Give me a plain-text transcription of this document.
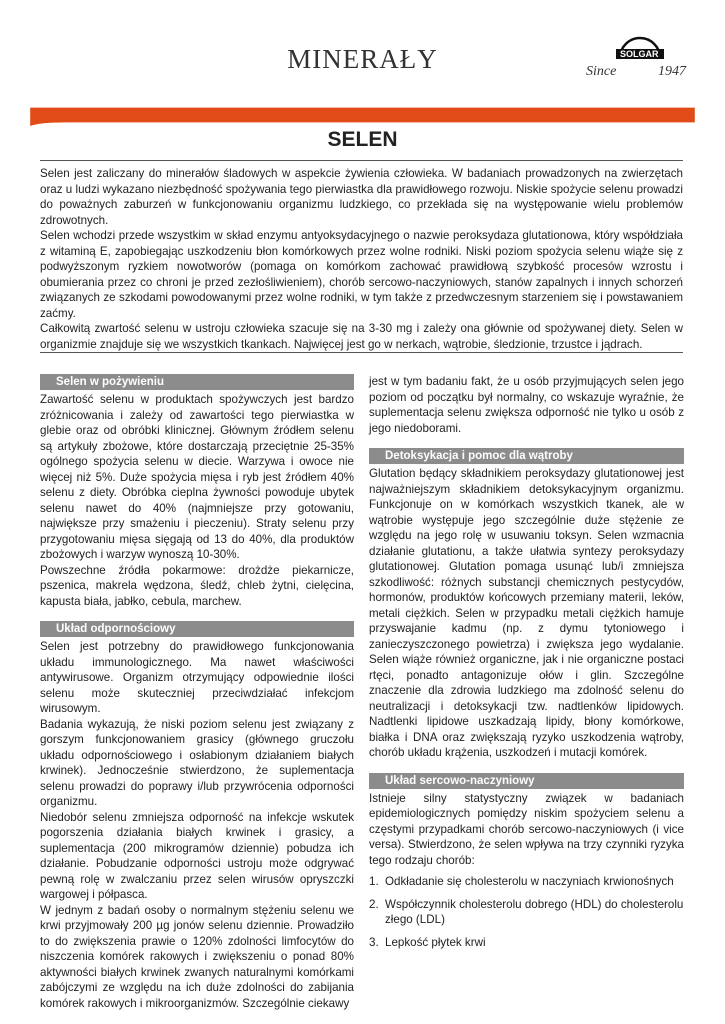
MINERAŁY	SOLGAR
Since	1947
SELEN

Selen jest zaliczany do minerałów śladowych w aspekcie żywienia człowieka. W badaniach prowadzonych na zwierzętach oraz u ludzi wykazano niezbędność spożywania tego pierwiastka dla prawidłowego rozwoju. Niskie spożycie selenu prowadzi do poważnych zaburzeń w funkcjonowaniu organizmu ludzkiego, co przekłada się na występowanie wielu problemów zdrowotnych.

Selen wchodzi przede wszystkim w skład enzymu antyoksydacyjnego o nazwie peroksydaza glutationowa, który współdziała z witaminą E, zapobiegając uszkodzeniu błon komórkowych przez wolne rodniki. Niski poziom spożycia selenu wiąże się z podwyższonym ryzkiem nowotworów (pomaga on komórkom zachować prawidłową szybkość procesów wzrostu i obumierania przez co chroni je przed zezłośliwieniem), chorób sercowo-naczyniowych, stanów zapalnych i innych schorzeń związanych ze szkodami powodowanymi przez wolne rodniki, w tym także z przedwczesnym starzeniem się i powstawaniem zaćmy.

Całkowitą zwartość selenu w ustroju człowieka szacuje się na 3-30 mg i zależy ona głównie od spożywanej diety. Selen w organizmie znajduje się we wszystkich tkankach. Najwięcej jest go w nerkach, wątrobie, śledzionie, trzustce i jądrach.

Selen w pożywieniu

Zawartość selenu w produktach spożywczych jest bardzo zróżnicowania i zależy od zawartości tego pierwiastka w glebie oraz od obróbki klinicznej. Głównym źródłem selenu są artykuły zbożowe, które dostarczają przeciętnie 25-35% ogólnego spożycia selenu w diecie. Warzywa i owoce nie więcej niż 5%. Duże spożycia mięsa i ryb jest źródłem 40% selenu z diety. Obróbka cieplna żywności powoduje ubytek selenu nawet do 40% (najmniejsze przy gotowaniu, największe przy smażeniu i pieczeniu). Straty selenu przy przygotowaniu mięsa sięgają od 13 do 40%, dla produktów zbożowych i warzyw wynoszą 10-30%.

Powszechne źródła pokarmowe: drożdże piekarnicze, pszenica, makrela wędzona, śledź, chleb żytni, cielęcina, kapusta biała, jabłko, cebula, marchew.

Układ odpornościowy

Selen jest potrzebny do prawidłowego funkcjonowania układu immunologicznego. Ma nawet właściwości antywirusowe. Organizm otrzymujący odpowiednie ilości selenu może skuteczniej przeciwdziałać infekcjom wirusowym.

Badania wykazują, że niski poziom selenu jest związany z gorszym funkcjonowaniem grasicy (głównego gruczołu układu odpornościowego i osłabionym działaniem białych krwinek). Jednocześnie stwierdzono, że suplementacja selenu prowadzi do poprawy i/lub przywrócenia odporności organizmu.

Niedobór selenu zmniejsza odporność na infekcje wskutek pogorszenia działania białych krwinek i grasicy, a suplementacja (200 mikrogramów dziennie) pobudza ich działanie. Pobudzanie odporności ustroju może odgrywać pewną rolę w zwalczaniu przez selen wirusów opryszczki wargowej i półpasca.

W jednym z badań osoby o normalnym stężeniu selenu we krwi przyjmowały 200 µg jonów selenu dziennie. Prowadziło to do zwiększenia prawie o 120% zdolności limfocytów do niszczenia komórek rakowych i zwiększeniu o ponad 80% aktywności białych krwinek zwanych naturalnymi komórkami zabójczymi ze względu na ich duże zdolności do zabijania komórek rakowych i mikroorganizmów. Szczególnie ciekawy

jest w tym badaniu fakt, że u osób przyjmujących selen jego poziom od początku był normalny, co wskazuje wyraźnie, że suplementacja selenu zwiększa odporność nie tylko u osób z jego niedoborami.

Detoksykacja i pomoc dla wątroby

Glutation będący składnikiem peroksydazy glutationowej jest najważniejszym składnikiem detoksykacyjnym organizmu. Funkcjonuje on w komórkach wszystkich tkanek, ale w wątrobie występuje jego szczególnie duże stężenie ze względu na jego rolę w usuwaniu toksyn. Selen wzmacnia działanie glutationu, a także ułatwia syntezy peroksydazy glutationowej. Glutation pomaga usunąć lub/i zmniejsza szkodliwość: różnych substancji chemicznych pestycydów, hormonów, produktów końcowych przemiany materii, leków, metali ciężkich. Selen w przypadku metali ciężkich hamuje przyswajanie kadmu (np. z dymu tytoniowego i zanieczyszczonego powietrza) i zwiększa jego wydalanie. Selen wiąże również organiczne, jak i nie organiczne postaci rtęci, ponadto antagonizuje ołów i glin. Szczególne znaczenie dla zdrowia ludzkiego ma zdolność selenu do neutralizacji i detoksykacji tzw. nadtlenków lipidowych. Nadtlenki lipidowe uszkadzają lipidy, błony komórkowe, białka i DNA oraz zwiększają ryzyko uszkodzenia wątroby, chorób układu krążenia, uszkodzeń i mutacji komórek.

Układ sercowo-naczyniowy

Istnieje silny statystyczny związek w badaniach epidemiologicznych pomiędzy niskim spożyciem selenu a częstymi przypadkami chorób sercowo-naczyniowych (i vice versa). Stwierdzono, że selen wpływa na trzy czynniki ryzyka tego rodzaju chorób:

1. Odkładanie się cholesterolu w naczyniach krwionośnych
2. Współczynnik cholesterolu dobrego (HDL) do cholesterolu złego (LDL)
3. Lepkość płytek krwi
